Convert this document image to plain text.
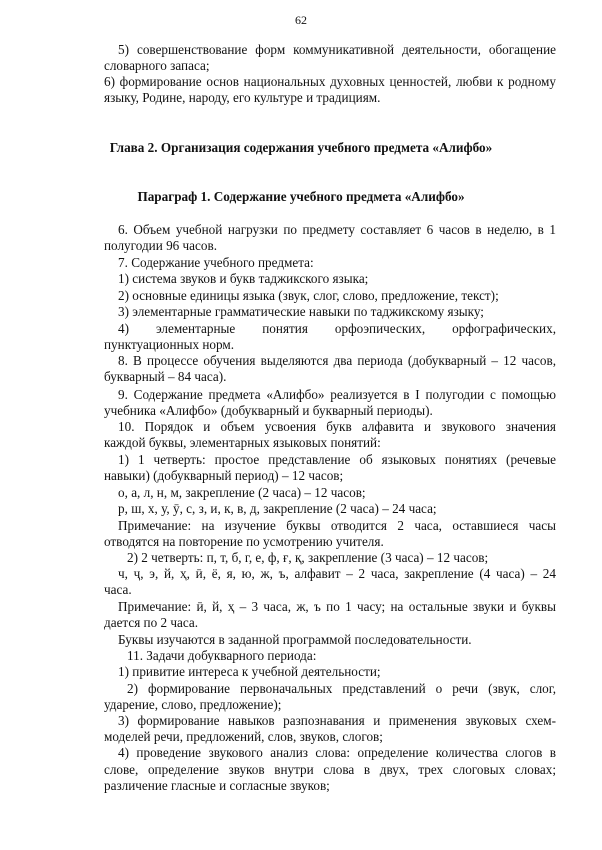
62
5) совершенствование форм коммуникативной деятельности, обогащение
словарного запаса;
6) формирование основ национальных духовных ценностей, любви к родному
языку, Родине, народу, его культуре и традициям.
Глава 2. Организация содержания учебного предмета «Алифбо»
Параграф 1. Содержание учебного предмета «Алифбо»
6. Объем учебной нагрузки по предмету составляет 6 часов в неделю, в 1
полугодии 96 часов.
7. Содержание учебного предмета:
1) система звуков и букв таджикского языка;
2) основные единицы языка (звук, слог, слово, предложение, текст);
3) элементарные грамматические навыки по таджикскому языку;
4) элементарные понятия орфоэпических, орфографических,
пунктуационных норм.
8. В процессе обучения выделяются два периода (добукварный – 12 часов,
букварный – 84 часа).
9. Содержание предмета «Алифбо» реализуется в I полугодии с помощью
учебника «Алифбо» (добукварный и букварный периоды).
10. Порядок и объем усвоения букв алфавита и звукового значения
каждой буквы, элементарных языковых понятий:
1) 1 четверть: простое представление об языковых понятиях (речевые
навыки) (добукварный период) – 12 часов;
о, а, л, н, м, закрепление (2 часа) – 12 часов;
р, ш, х, у, ӯ, с, з, и, к, в, д, закрепление (2 часа) – 24 часа;
Примечание: на изучение буквы отводится 2 часа, оставшиеся часы
отводятся на повторение по усмотрению учителя.
2) 2 четверть: п, т, б, г, е, ф, ғ, қ, закрепление (3 часа) – 12 часов;
ч, ҷ, э, й, ҳ, ӣ, ё, я, ю, ж, ъ, алфавит – 2 часа, закрепление (4 часа) – 24
часа.
Примечание: ӣ, й, ҳ – 3 часа, ж, ъ по 1 часу; на остальные звуки и буквы
дается по 2 часа.
Буквы изучаются в заданной программой последовательности.
11. Задачи добукварного периода:
1) привитие интереса к учебной деятельности;
2) формирование первоначальных представлений о речи (звук, слог,
ударение, слово, предложение);
3) формирование навыков разпознавания и применения звуковых схем-
моделей речи, предложений, слов, звуков, слогов;
4) проведение звукового анализ слова: определение количества слогов в
слове, определение звуков внутри слова в двух, трех слоговых словах;
различение гласные и согласные звуков;
